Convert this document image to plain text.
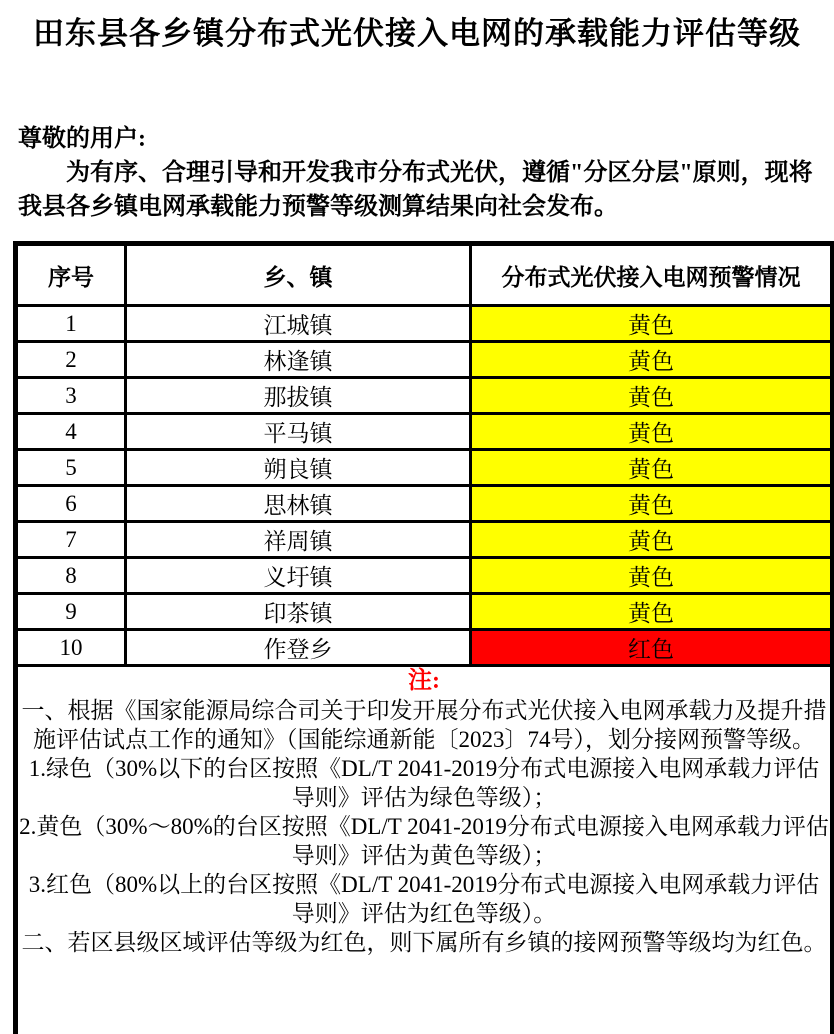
田东县各乡镇分布式光伏接入电网的承载能力评估等级

尊敬的用户:

为有序、合理引导和开发我市分布式光伏，遵循"分区分层"原则，现将我县各乡镇电网承载能力预警等级测算结果向社会发布。

序号	乡、镇	分布式光伏接入电网预警情况
1	江城镇	黄色
2	林逢镇	黄色
3	那拔镇	黄色
4	平马镇	黄色
5	朔良镇	黄色
6	思林镇	黄色
7	祥周镇	黄色
8	义圩镇	黄色
9	印茶镇	黄色
10	作登乡	红色

注:

一、根据《国家能源局综合司关于印发开展分布式光伏接入电网承载力及提升措施评估试点工作的通知》（国能综通新能〔2023〕74号），划分接网预警等级。

1.绿色（30%以下的台区按照《DL/T 2041-2019分布式电源接入电网承载力评估导则》评估为绿色等级）；

2.黄色（30%～80%的台区按照《DL/T 2041-2019分布式电源接入电网承载力评估导则》评估为黄色等级）；

3.红色（80%以上的台区按照《DL/T 2041-2019分布式电源接入电网承载力评估导则》评估为红色等级）。

二、若区县级区域评估等级为红色，则下属所有乡镇的接网预警等级均为红色。
